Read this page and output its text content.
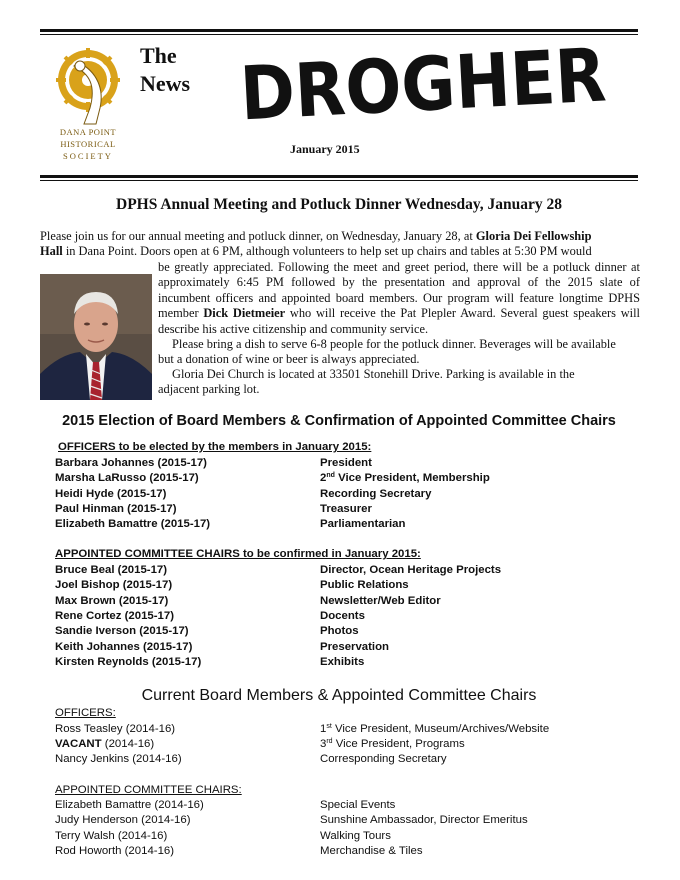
DANA POINT
HISTORICAL
SOCIETY
The
News DROGHER
January 2015
DPHS Annual Meeting and Potluck Dinner Wednesday, January 28
Please join us for our annual meeting and potluck dinner, on Wednesday, January 28, at Gloria Dei Fellowship
Hall in Dana Point. Doors open at 6 PM, although volunteers to help set up chairs and tables at 5:30 PM would
be greatly appreciated. Following the meet and greet period, there will be a potluck dinner at approximately 6:45 PM followed by the presentation and approval of the 2015 slate of incumbent officers and appointed board members. Our program will feature longtime DPHS member Dick Dietmeier who will receive the Pat Plepler Award. Several guest speakers will describe his active citizenship and community service.
Please bring a dish to serve 6-8 people for the potluck dinner. Beverages will be available
but a donation of wine or beer is always appreciated.
Gloria Dei Church is located at 33501 Stonehill Drive. Parking is available in the
adjacent parking lot.
2015 Election of Board Members & Confirmation of Appointed Committee Chairs
OFFICERS to be elected by the members in January 2015:
Barbara Johannes (2015-17)	President
Marsha LaRusso (2015-17)	2nd Vice President, Membership
Heidi Hyde (2015-17)	Recording Secretary
Paul Hinman (2015-17)	Treasurer
Elizabeth Bamattre (2015-17)	Parliamentarian
APPOINTED COMMITTEE CHAIRS to be confirmed in January 2015:
Bruce Beal (2015-17)	Director, Ocean Heritage Projects
Joel Bishop (2015-17)	Public Relations
Max Brown (2015-17)	Newsletter/Web Editor
Rene Cortez (2015-17)	Docents
Sandie Iverson (2015-17)	Photos
Keith Johannes (2015-17)	Preservation
Kirsten Reynolds (2015-17)	Exhibits
Current Board Members & Appointed Committee Chairs
OFFICERS:
Ross Teasley (2014-16)	1st Vice President, Museum/Archives/Website
VACANT (2014-16)	3rd Vice President, Programs
Nancy Jenkins (2014-16)	Corresponding Secretary
APPOINTED COMMITTEE CHAIRS:
Elizabeth Bamattre (2014-16)	Special Events
Judy Henderson (2014-16)	Sunshine Ambassador, Director Emeritus
Terry Walsh (2014-16)	Walking Tours
Rod Howorth (2014-16)	Merchandise & Tiles
